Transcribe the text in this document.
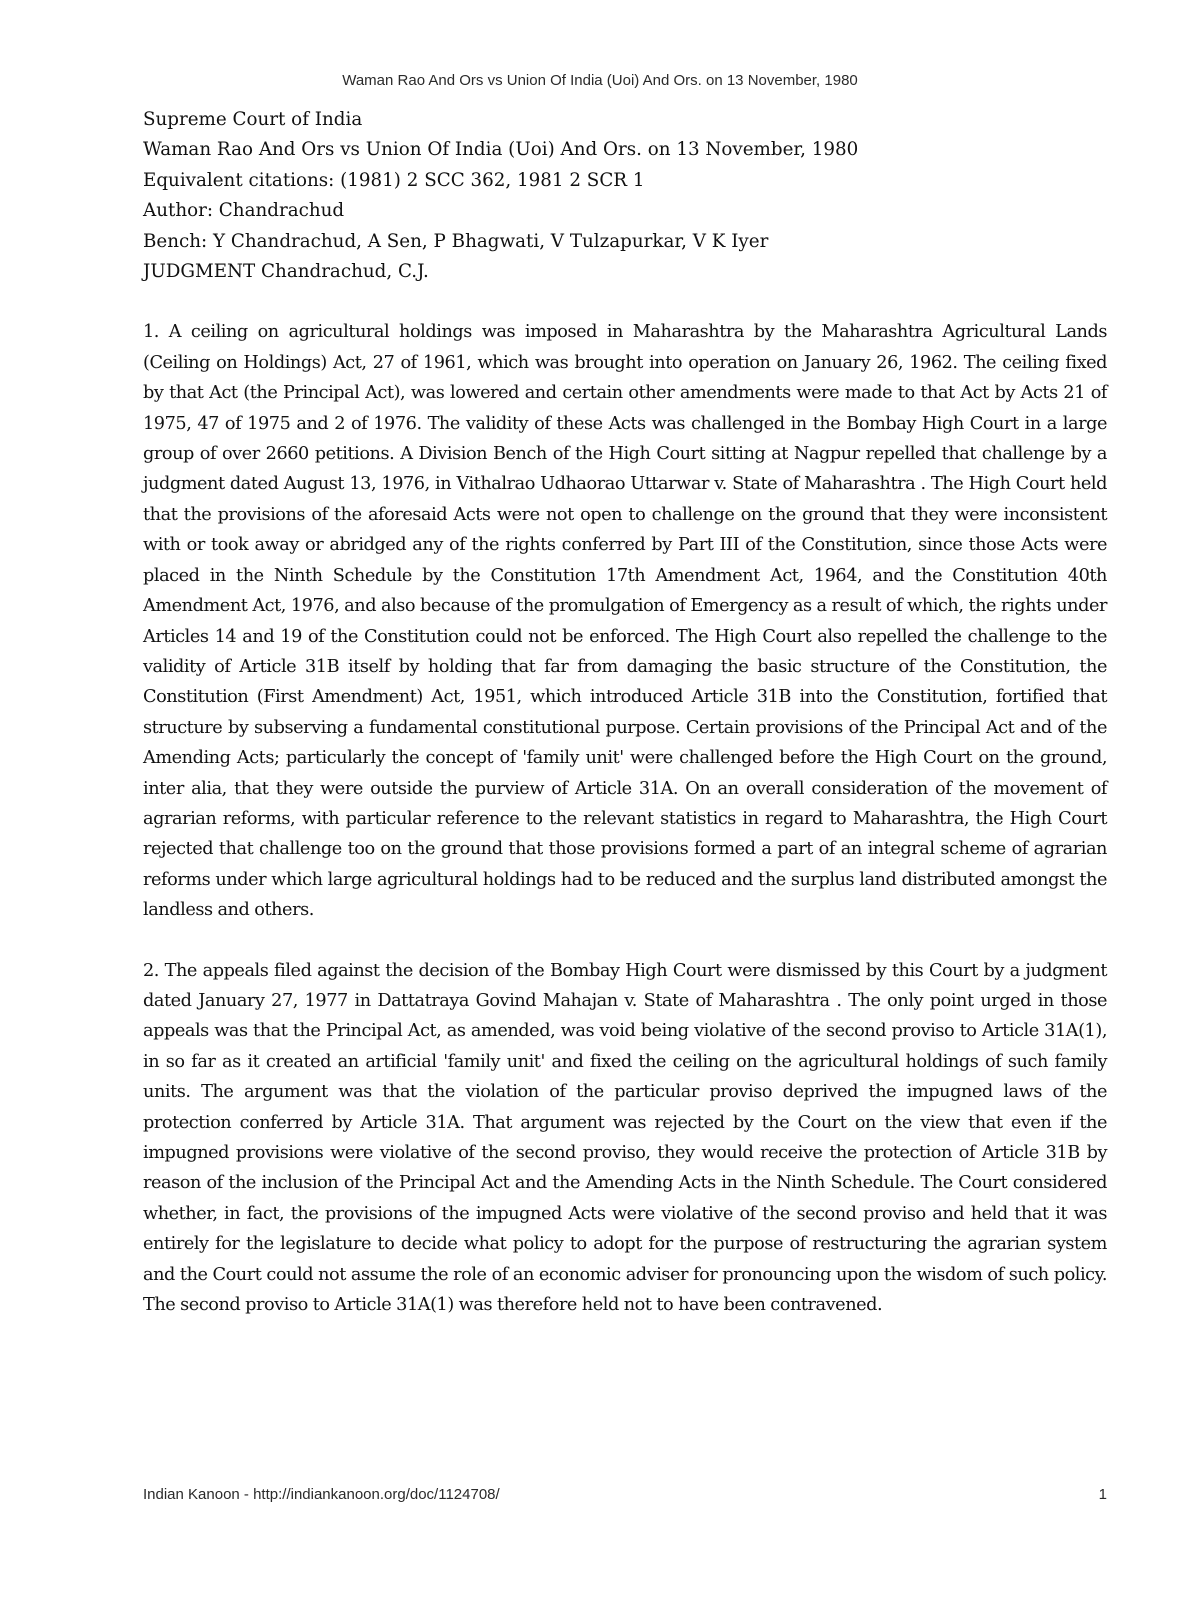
Waman Rao And Ors vs Union Of India (Uoi) And Ors. on 13 November, 1980

Supreme Court of India

Waman Rao And Ors vs Union Of India (Uoi) And Ors. on 13 November, 1980

Equivalent citations: (1981) 2 SCC 362, 1981 2 SCR 1

Author: Chandrachud

Bench: Y Chandrachud, A Sen, P Bhagwati, V Tulzapurkar, V K Iyer

JUDGMENT Chandrachud, C.J.

1. A ceiling on agricultural holdings was imposed in Maharashtra by the Maharashtra Agricultural Lands (Ceiling on Holdings) Act, 27 of 1961, which was brought into operation on January 26, 1962. The ceiling fixed by that Act (the Principal Act), was lowered and certain other amendments were made to that Act by Acts 21 of 1975, 47 of 1975 and 2 of 1976. The validity of these Acts was challenged in the Bombay High Court in a large group of over 2660 petitions. A Division Bench of the High Court sitting at Nagpur repelled that challenge by a judgment dated August 13, 1976, in Vithalrao Udhaorao Uttarwar v. State of Maharashtra . The High Court held that the provisions of the aforesaid Acts were not open to challenge on the ground that they were inconsistent with or took away or abridged any of the rights conferred by Part III of the Constitution, since those Acts were placed in the Ninth Schedule by the Constitution 17th Amendment Act, 1964, and the Constitution 40th Amendment Act, 1976, and also because of the promulgation of Emergency as a result of which, the rights under Articles 14 and 19 of the Constitution could not be enforced. The High Court also repelled the challenge to the validity of Article 31B itself by holding that far from damaging the basic structure of the Constitution, the Constitution (First Amendment) Act, 1951, which introduced Article 31B into the Constitution, fortified that structure by subserving a fundamental constitutional purpose. Certain provisions of the Principal Act and of the Amending Acts; particularly the concept of 'family unit' were challenged before the High Court on the ground, inter alia, that they were outside the purview of Article 31A. On an overall consideration of the movement of agrarian reforms, with particular reference to the relevant statistics in regard to Maharashtra, the High Court rejected that challenge too on the ground that those provisions formed a part of an integral scheme of agrarian reforms under which large agricultural holdings had to be reduced and the surplus land distributed amongst the landless and others.

2. The appeals filed against the decision of the Bombay High Court were dismissed by this Court by a judgment dated January 27, 1977 in Dattatraya Govind Mahajan v. State of Maharashtra . The only point urged in those appeals was that the Principal Act, as amended, was void being violative of the second proviso to Article 31A(1), in so far as it created an artificial 'family unit' and fixed the ceiling on the agricultural holdings of such family units. The argument was that the violation of the particular proviso deprived the impugned laws of the protection conferred by Article 31A. That argument was rejected by the Court on the view that even if the impugned provisions were violative of the second proviso, they would receive the protection of Article 31B by reason of the inclusion of the Principal Act and the Amending Acts in the Ninth Schedule. The Court considered whether, in fact, the provisions of the impugned Acts were violative of the second proviso and held that it was entirely for the legislature to decide what policy to adopt for the purpose of restructuring the agrarian system and the Court could not assume the role of an economic adviser for pronouncing upon the wisdom of such policy. The second proviso to Article 31A(1) was therefore held not to have been contravened.

Indian Kanoon - http://indiankanoon.org/doc/1124708/	1
